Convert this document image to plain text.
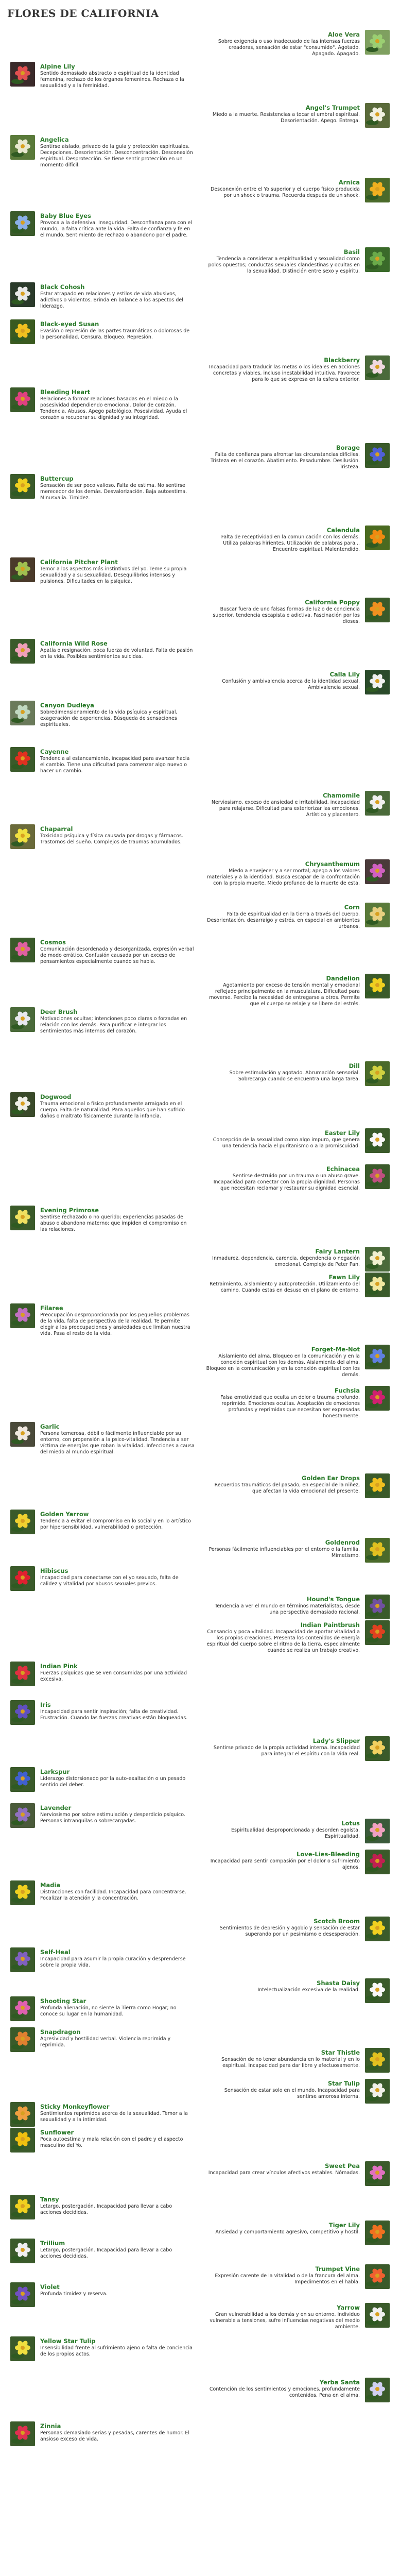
FLORES DE CALIFORNIA
Aloe Vera
Sobre exigencia o uso inadecuado de las intensas fuerzas creadoras, sensación de estar "consumido". Agotado. Apagado. Apagado.
Alpine Lily
Sentido demasiado abstracto o espiritual de la identidad femenina, rechazo de los órganos femeninos. Rechaza o la sexualidad y a la feminidad.
Angel's Trumpet
Miedo a la muerte. Resistencias a tocar el umbral espiritual. Desorientación. Apego. Entrega.
Angelica
Sentirse aislado, privado de la guía y protección espirituales. Decepciones. Desorientación. Desconcentración. Desconexión espiritual. Desprotección. Se tiene sentir protección en un momento difícil.
Arnica
Desconexión entre el Yo superior y el cuerpo físico producida por un shock o trauma. Recuerda después de un shock.
Baby Blue Eyes
Provoca a la defensiva. Inseguridad. Desconfianza para con el mundo, la falta crítica ante la vida. Falta de confianza y fe en el mundo. Sentimiento de rechazo o abandono por el padre.
Basil
Tendencia a considerar a espiritualidad y sexualidad como polos opuestos; conductas sexuales clandestinas y ocultas en la sexualidad. Distinción entre sexo y espíritu.
Black Cohosh
Estar atrapado en relaciones y estilos de vida abusivos, adictivos o violentos. Brinda en balance a los aspectos del liderazgo.
Black-eyed Susan
Evasión o represión de las partes traumáticas o dolorosas de la personalidad. Censura. Bloqueo. Represión.
Blackberry
Incapacidad para traducir las metas o los ideales en acciones concretas y viables, incluso inestabilidad intuitiva. Favorece para lo que se expresa en la esfera exterior.
Bleeding Heart
Relaciones a formar relaciones basadas en el miedo o la posesividad dependiendo emocional. Dolor de corazón. Tendencia. Abusos. Apego patológico. Posesividad. Ayuda el corazón a recuperar su dignidad y su integridad.
Borage
Falta de confianza para afrontar las circunstancias difíciles. Tristeza en el corazón. Abatimiento. Pesadumbre. Desilusión. Tristeza.
Buttercup
Sensación de ser poco valioso. Falta de estima. No sentirse merecedor de los demás. Desvalorización. Baja autoestima. Minusvalía. Timidez.
Calendula
Falta de receptividad en la comunicación con los demás. Utiliza palabras hirientes. Utilización de palabras para... Encuentro espiritual. Malentendido.
California Pitcher Plant
Temor a los aspectos más instintivos del yo. Teme su propia sexualidad y a su sexualidad. Desequilibrios intensos y pulsiones. Dificultades en la psíquica.
California Poppy
Buscar fuera de uno falsas formas de luz o de conciencia superior, tendencia escapista e adictiva. Fascinación por los dioses.
California Wild Rose
Apatía o resignación, poca fuerza de voluntad. Falta de pasión en la vida. Posibles sentimientos suicidas.
Calla Lily
Confusión y ambivalencia acerca de la identidad sexual. Ambivalencia sexual.
Canyon Dudleya
Sobredimensionamiento de la vida psíquica y espiritual, exageración de experiencias. Búsqueda de sensaciones espirituales.
Cayenne
Tendencia al estancamiento, incapacidad para avanzar hacia el cambio. Tiene una dificultad para comenzar algo nuevo o hacer un cambio.
Chamomile
Nerviosismo, exceso de ansiedad e irritabilidad, incapacidad para relajarse. Dificultad para exteriorizar las emociones. Artístico y placentero.
Chaparral
Toxicidad psíquica y física causada por drogas y fármacos. Trastornos del sueño. Complejos de traumas acumulados.
Chrysanthemum
Miedo a envejecer y a ser mortal; apego a los valores materiales y a la identidad. Busca escapar de la confrontación con la propia muerte. Miedo profundo de la muerte de esta.
Corn
Falta de espiritualidad en la tierra a través del cuerpo. Desorientación, desarraigo y estrés, en especial en ambientes urbanos.
Cosmos
Comunicación desordenada y desorganizada, expresión verbal de modo errático. Confusión causada por un exceso de pensamientos especialmente cuando se habla.
Dandelion
Agotamiento por exceso de tensión mental y emocional reflejado principalmente en la musculatura. Dificultad para moverse. Percibe la necesidad de entregarse a otros. Permite que el cuerpo se relaje y se libere del estrés.
Deer Brush
Motivaciones ocultas; intenciones poco claras o forzadas en relación con los demás. Para purificar e integrar los sentimientos más internos del corazón.
Dill
Sobre estimulación y agotado. Abrumación sensorial. Sobrecarga cuando se encuentra una larga tarea.
Dogwood
Trauma emocional o físico profundamente arraigado en el cuerpo. Falta de naturalidad. Para aquellos que han sufrido daños o maltrato físicamente durante la infancia.
Easter Lily
Concepción de la sexualidad como algo impuro, que genera una tendencia hacia el puritanismo o a la promiscuidad.
Echinacea
Sentirse destruido por un trauma o un abuso grave. Incapacidad para conectar con la propia dignidad. Personas que necesitan reclamar y restaurar su dignidad esencial.
Evening Primrose
Sentirse rechazado o no querido; experiencias pasadas de abuso o abandono materno; que impiden el compromiso en las relaciones.
Fairy Lantern
Inmadurez, dependencia, carencia, dependencia o negación emocional. Complejo de Peter Pan.
Fawn Lily
Retraimiento, aislamiento y autoprotección. Utilizamiento del camino. Cuando estas en desuso en el plano de entorno.
Filaree
Preocupación desproporcionada por los pequeños problemas de la vida, falta de perspectiva de la realidad. Te permite elegir a los preocupaciones y ansiedades que limitan nuestra vida. Pasa el resto de la vida.
Forget-Me-Not
Aislamiento del alma. Bloqueo en la comunicación y en la conexión espiritual con los demás. Aislamiento del alma. Bloqueo en la comunicación y en la conexión espiritual con los demás.
Fuchsia
Falsa emotividad que oculta un dolor o trauma profundo, reprimido. Emociones ocultas. Aceptación de emociones profundas y reprimidas que necesitan ser expresadas honestamente.
Garlic
Persona temerosa, débil o fácilmente influenciable por su entorno, con propensión a la psico-vitalidad. Tendencia a ser víctima de energías que roban la vitalidad. Infecciones a causa del miedo al mundo espiritual.
Golden Ear Drops
Recuerdos traumáticos del pasado, en especial de la niñez, que afectan la vida emocional del presente.
Golden Yarrow
Tendencia a evitar el compromiso en lo social y en lo artístico por hipersensibilidad, vulnerabilidad o protección.
Goldenrod
Personas fácilmente influenciables por el entorno o la familia. Mimetismo.
Hibiscus
Incapacidad para conectarse con el yo sexuado, falta de calidez y vitalidad por abusos sexuales previos.
Hound's Tongue
Tendencia a ver el mundo en términos materialistas, desde una perspectiva demasiado racional.
Indian Paintbrush
Cansancio y poca vitalidad. Incapacidad de aportar vitalidad a los propios creaciones. Presenta los contenidos de energía espiritual del cuerpo sobre el ritmo de la tierra, especialmente cuando se realiza un trabajo creativo.
Indian Pink
Fuerzas psíquicas que se ven consumidas por una actividad excesiva.
Iris
Incapacidad para sentir inspiración; falta de creatividad. Frustración. Cuando las fuerzas creativas están bloqueadas.
Lady's Slipper
Sentirse privado de la propia actividad interna. Incapacidad para integrar el espíritu con la vida real.
Larkspur
Liderazgo distorsionado por la auto-exaltación o un pesado sentido del deber.
Lavender
Nerviosismo por sobre estimulación y desperdicio psíquico. Personas intranquilas o sobrecargadas.	Lotus
Espiritualidad desproporcionada y desorden egoísta. Espiritualidad.
Love-Lies-Bleeding
Incapacidad para sentir compasión por el dolor o sufrimiento ajenos.
Madia
Distracciones con facilidad. Incapacidad para concentrarse. Focalizar la atención y la concentración.
Scotch Broom
Sentimientos de depresión y agobio y sensación de estar superando por un pesimismo e desesperación.
Self-Heal
Incapacidad para asumir la propia curación y desprenderse sobre la propia vida.
Shasta Daisy
Intelectualización excesiva de la realidad.
Shooting Star
Profunda alienación, no siente la Tierra como Hogar; no conoce su lugar en la humanidad.
Snapdragon
Agresividad y hostilidad verbal. Violencia reprimida y reprimida.
Star Thistle
Sensación de no tener abundancia en lo material y en lo espiritual. Incapacidad para dar libre y afectuosamente.
Star Tulip
Sensación de estar solo en el mundo. Incapacidad para sentirse amorosa interna.
Sticky Monkeyflower
Sentimientos reprimidos acerca de la sexualidad. Temor a la sexualidad y a la intimidad.
Sunflower
Poca autoestima y mala relación con el padre y el aspecto masculino del Yo.
Sweet Pea
Incapacidad para crear vínculos afectivos estables. Nómadas.
Tansy
Letargo, postergación. Incapacidad para llevar a cabo acciones decididas.
Tiger Lily
Ansiedad y comportamiento agresivo, competitivo y hostil.
Trillium
Letargo, postergación. Incapacidad para llevar a cabo acciones decididas.
Trumpet Vine
Expresión carente de la vitalidad o de la francura del alma. Impedimentos en el habla.
Violet
Profunda timidez y reserva.
Yarrow
Gran vulnerabilidad a los demás y en su entorno. Individuo vulnerable a tensiones, sufre influencias negativas del medio ambiente.
Yellow Star Tulip
Insensibilidad frente al sufrimiento ajeno o falta de conciencia de los propios actos.
Yerba Santa
Contención de los sentimientos y emociones, profundamente contenidos. Pena en el alma.
Zinnia
Personas demasiado serias y pesadas, carentes de humor. El ansioso exceso de vida.
